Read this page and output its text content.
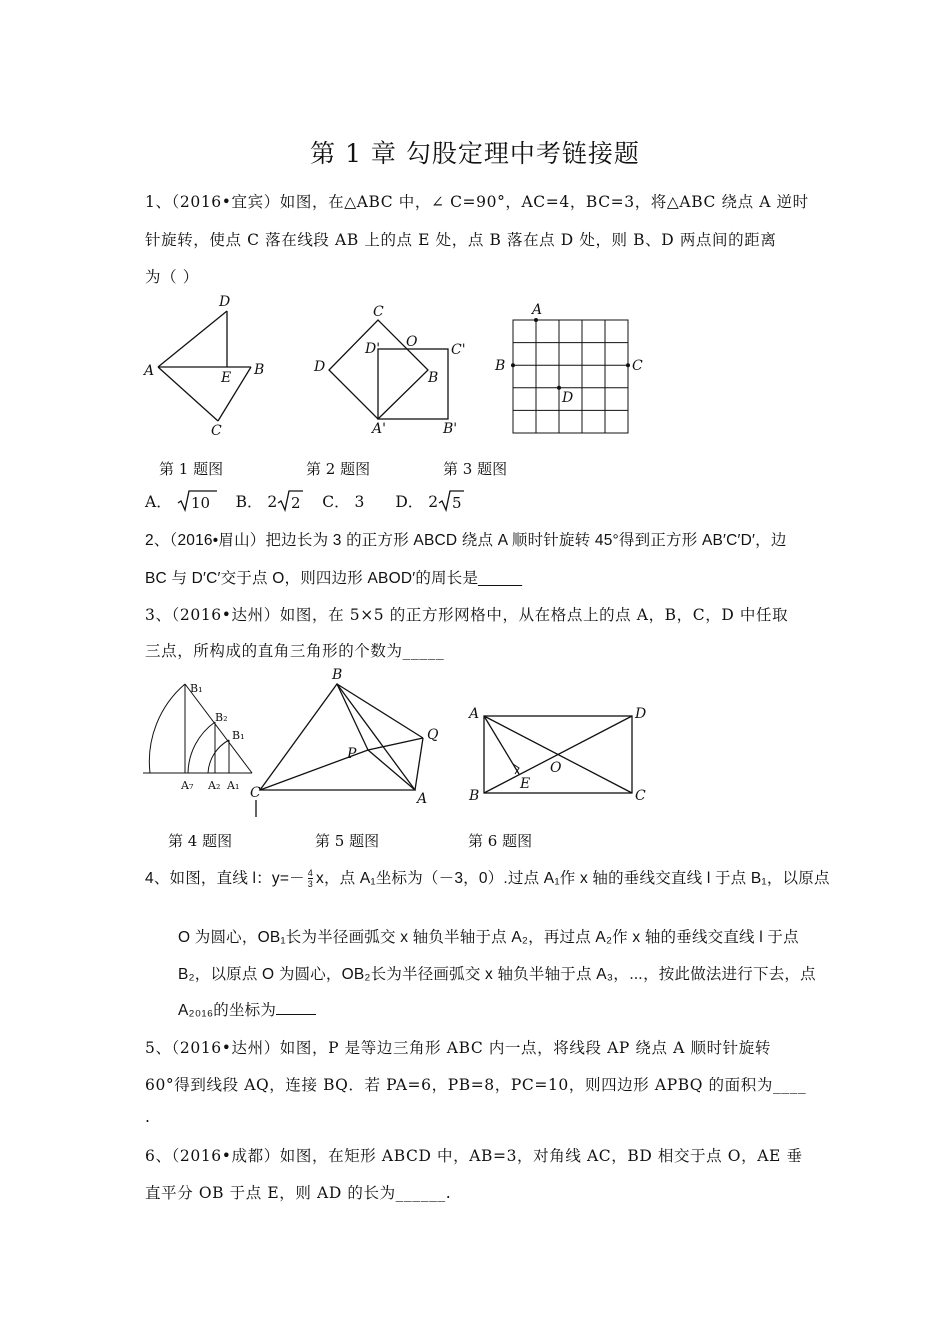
第 1 章 勾股定理中考链接题
1、（2016•宜宾）如图，在△ABC 中，∠ C=90°，AC=4，BC=3，将△ABC 绕点 A 逆时
针旋转，使点 C 落在线段 AB 上的点 E 处，点 B 落在点 D 处，则 B、D 两点间的距离
为（ ）
D
A	E B
C
C
O
D'	C'
D
B
A'	B'
A
B	C
D
第 1 题图	第 2 题图	第 3 题图
A． 10 B． 2 2 C． 3 D． 2 5
2、（2016•眉山）把边长为 3 的正方形 ABCD 绕点 A 顺时针旋转 45°得到正方形 AB′C′D′，边
BC 与 D′C′交于点 O，则四边形 ABOD′的周长是_____
3、（2016•达州）如图，在 5×5 的正方形网格中，从在格点上的点 A，B，C，D 中任取
三点，所构成的直角三角形的个数为_____
B₁
B₂
B₁
A₇ A₂ A₁
B
P
Q
A
C
A	D
O
E
B	C
第 4 题图	第 5 题图	第 6 题图
4、如图，直线 l：$y=- \frac{4}{3}$ x，点 A₁坐标为（－3，0）.过点 A₁作 x 轴的垂线交直线 l 于点 B₁，以原点
O 为圆心，OB₁长为半径画弧交 x 轴负半轴于点 A₂，再过点 A₂作 x 轴的垂线交直线 l 于点
B₂，以原点 O 为圆心，OB₂长为半径画弧交 x 轴负半轴于点 A₃，⋯，按此做法进行下去，点
A₂₀₁₆的坐标为
5、（2016•达州）如图，P 是等边三角形 ABC 内一点，将线段 AP 绕点 A 顺时针旋转
60°得到线段 AQ，连接 BQ．若 PA=6，PB=8，PC=10，则四边形 APBQ 的面积为____
.
6、（2016•成都）如图，在矩形 ABCD 中，AB=3，对角线 AC，BD 相交于点 O，AE 垂
直平分 OB 于点 E，则 AD 的长为______.
